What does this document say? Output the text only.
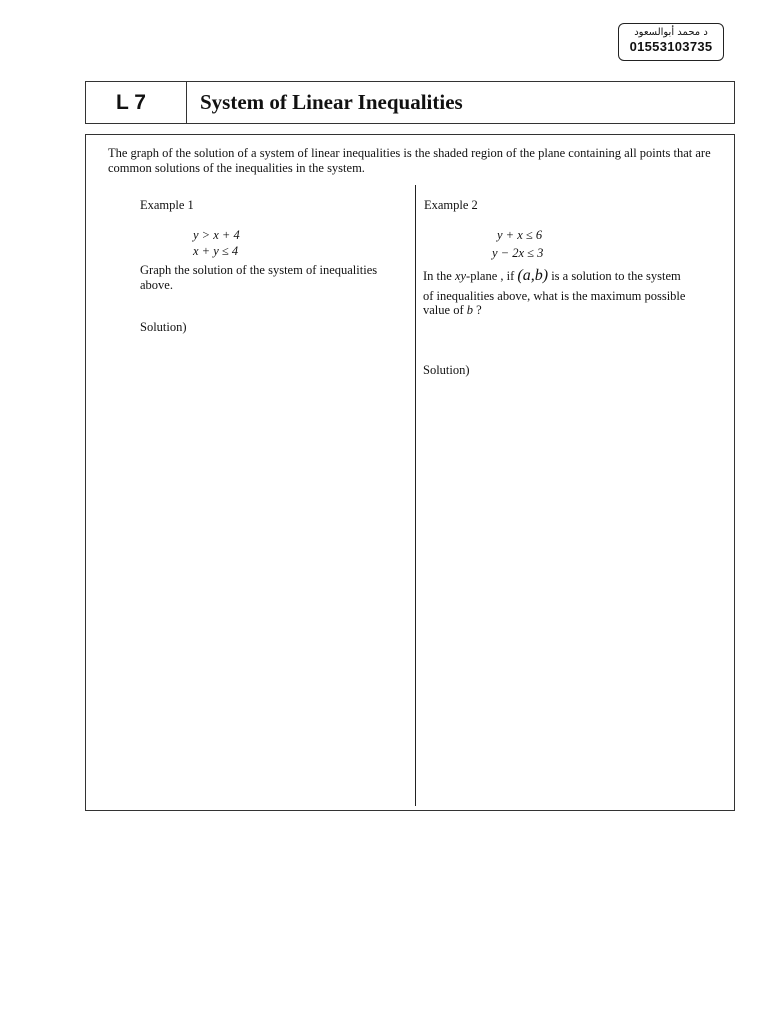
د محمد أبوالسعود
01553103735
L 7	System of Linear Inequalities
The graph of the solution of a system of linear inequalities is the shaded region of the plane containing all points that are common solutions of the inequalities in the system.
Example 1
y > x + 4
x + y ≤ 4
Graph the solution of the system of inequalities above.
Solution)
Example 2
y + x ≤ 6
y − 2x ≤ 3
In the xy-plane , if (a,b) is a solution to the system
of inequalities above, what is the maximum possible
value of b ?
Solution)
